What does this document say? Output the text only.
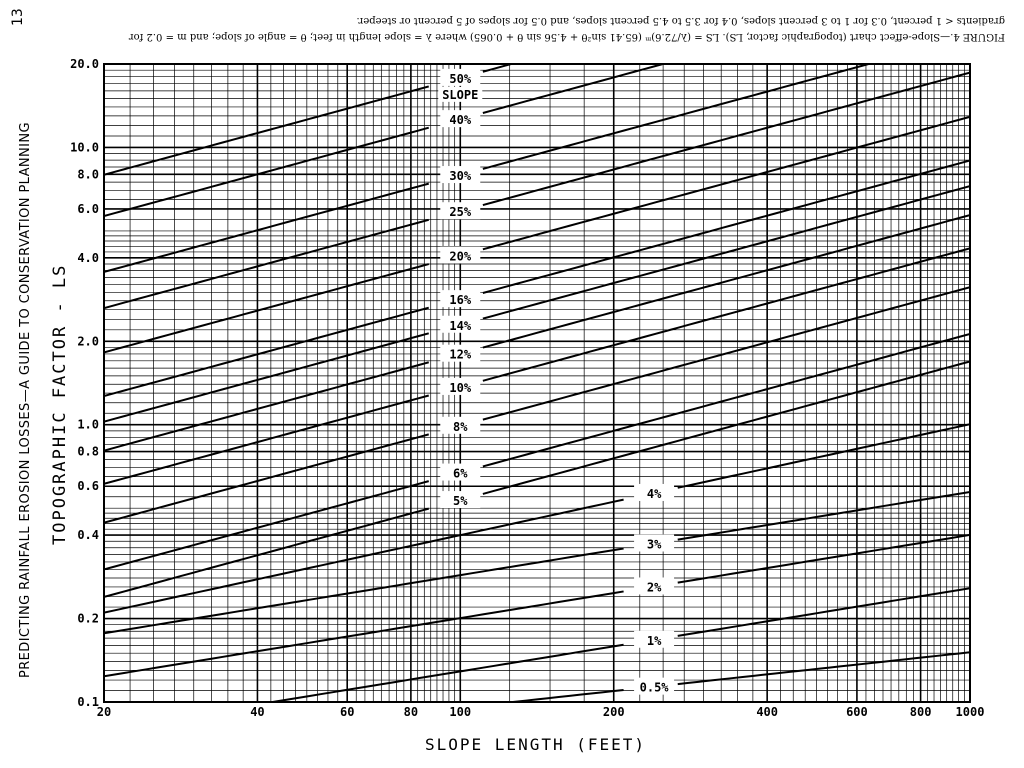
13
PREDICTING RAINFALL EROSION LOSSES—A GUIDE TO CONSERVATION PLANNING
FIGURE 4.—Slope-effect chart (topographic factor, LS). LS = (λ/72.6)ᵐ (65.41 sin²θ + 4.56 sin θ + 0.065) where λ = slope length in feet; θ = angle of slope; and m = 0.2 for
gradients < 1 percent, 0.3 for 1 to 3 percent slopes, 0.4 for 3.5 to 4.5 percent slopes, and 0.5 for slopes of 5 percent or steeper.
TOPOGRAPHIC FACTOR - LS
SLOPE LENGTH (FEET)
20	40	60	80	100	200	400	600	800 1000
0.1
0.2
0.4
0.6
0.8
1.0
2.0
4.0
6.0
8.0
10.0
20.0
0.5%
1%
2%
3%
4%
5%
6%
8%
10%
12%
14%
16%
20%
25%
30%
40%
50%
SLOPE
